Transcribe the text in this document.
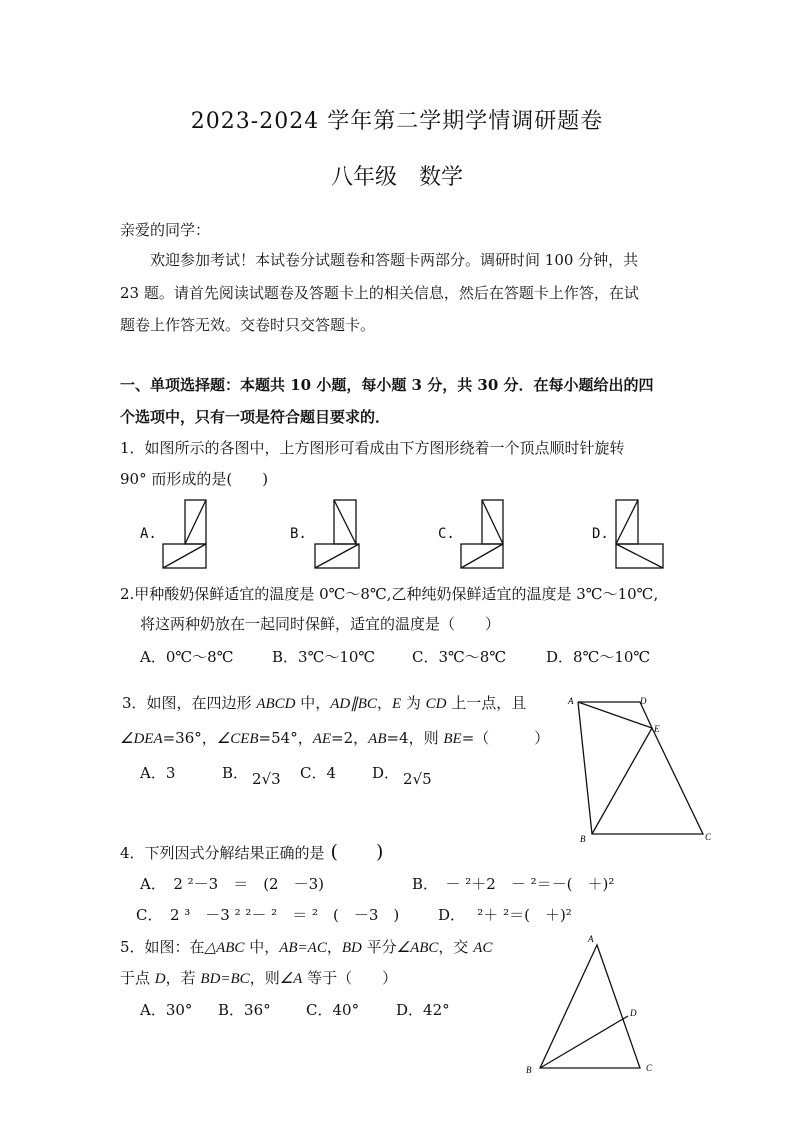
2023-2024 学年第二学期学情调研题卷
八年级　数学
亲爱的同学：
欢迎参加考试！本试卷分试题卷和答题卡两部分。调研时间 100 分钟，共
23 题。请首先阅读试题卷及答题卡上的相关信息，然后在答题卡上作答，在试
题卷上作答无效。交卷时只交答题卡。
一、单项选择题：本题共 10 小题，每小题 3 分，共 30 分．在每小题给出的四
个选项中，只有一项是符合题目要求的．
1．如图所示的各图中，上方图形可看成由下方图形绕着一个顶点顺时针旋转
90° 而形成的是(　　)
A.	B.	C.	D.
2.甲种酸奶保鲜适宜的温度是 0℃～8℃,乙种纯奶保鲜适宜的温度是 3℃～10℃,
将这两种奶放在一起同时保鲜，适宜的温度是（　　）
A．0℃～8℃	B．3℃～10℃ C．3℃～8℃	D．8℃～10℃
3．如图，在四边形 ABCD 中，AD∥BC，E 为 CD 上一点，且
∠DEA=36°，∠CEB=54°，AE=2，AB=4，则 BE=（　　　）
A．3	B． 2√3 C．4 D． 2√5
A	D
E
B	C
4．下列因式分解结果正确的是 (　　)
A．　2 ²－3　＝　(2　－3)	B．　－ ²＋2　－ ²＝－(　＋)²
C．　2 ³　－3 ² ²－ ²　＝ ²　(　－3　)	D．　 ²＋ ²＝(　＋)²
5．如图：在△ABC 中，AB=AC，BD 平分∠ABC，交 AC
于点 D，若 BD=BC，则∠A 等于（　　）
A．30° B．36° C．40° D．42°
A
D
B	C
